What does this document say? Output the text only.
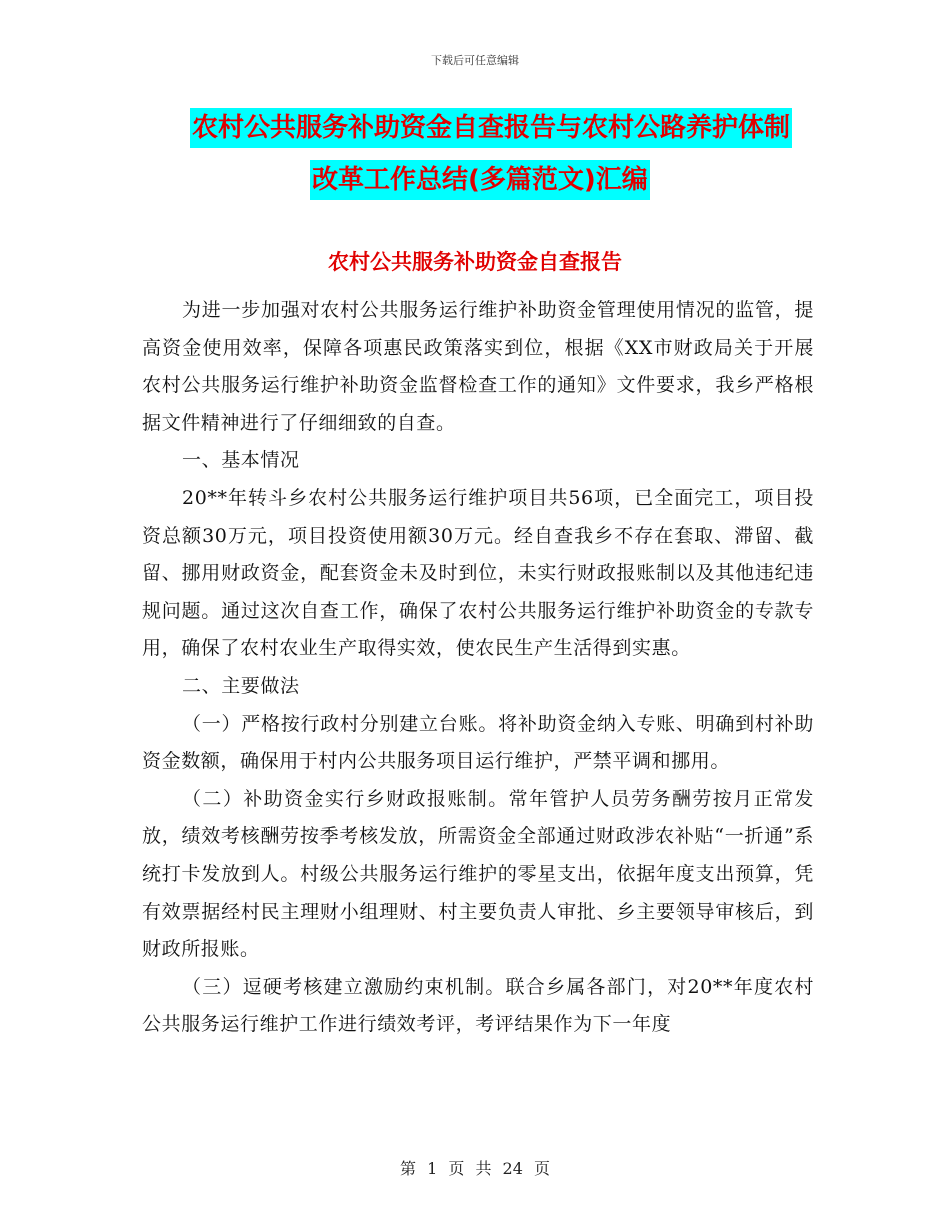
下载后可任意编辑
农村公共服务补助资金自查报告与农村公路养护体制
改革工作总结(多篇范文)汇编
农村公共服务补助资金自查报告

为进一步加强对农村公共服务运行维护补助资金管理使用情况的监管，提高资金使用效率，保障各项惠民政策落实到位，根据《XX市财政局关于开展农村公共服务运行维护补助资金监督检查工作的通知》文件要求，我乡严格根据文件精神进行了仔细细致的自查。

一、基本情况

20**年转斗乡农村公共服务运行维护项目共56项，已全面完工，项目投资总额30万元，项目投资使用额30万元。经自查我乡不存在套取、滞留、截留、挪用财政资金，配套资金未及时到位，未实行财政报账制以及其他违纪违规问题。通过这次自查工作，确保了农村公共服务运行维护补助资金的专款专用，确保了农村农业生产取得实效，使农民生产生活得到实惠。

二、主要做法

（一）严格按行政村分别建立台账。将补助资金纳入专账、明确到村补助资金数额，确保用于村内公共服务项目运行维护，严禁平调和挪用。

（二）补助资金实行乡财政报账制。常年管护人员劳务酬劳按月正常发放，绩效考核酬劳按季考核发放，所需资金全部通过财政涉农补贴“一折通”系统打卡发放到人。村级公共服务运行维护的零星支出，依据年度支出预算，凭有效票据经村民主理财小组理财、村主要负责人审批、乡主要领导审核后，到财政所报账。

（三）逗硬考核建立激励约束机制。联合乡属各部门，对20**年度农村公共服务运行维护工作进行绩效考评，考评结果作为下一年度

第 1 页 共 24 页
